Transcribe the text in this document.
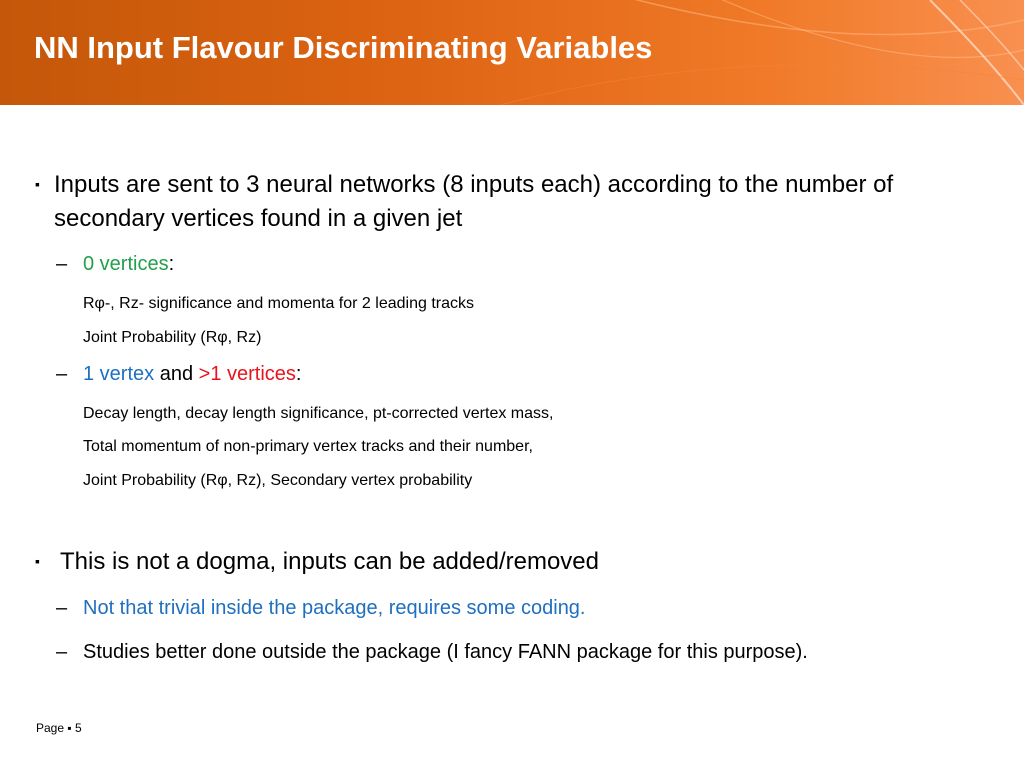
NN Input Flavour Discriminating Variables
▪ Inputs are sent to 3 neural networks (8 inputs each) according to the number of
secondary vertices found in a given jet
– 0 vertices:
Rφ-, Rz- significance and momenta for 2 leading tracks
Joint Probability (Rφ, Rz)
– 1 vertex and >1 vertices:
Decay length, decay length significance, pt-corrected vertex mass,
Total momentum of non-primary vertex tracks and their number,
Joint Probability (Rφ, Rz), Secondary vertex probability
▪ This is not a dogma, inputs can be added/removed
– Not that trivial inside the package, requires some coding.
– Studies better done outside the package (I fancy FANN package for this purpose).
Page ▪ 5
